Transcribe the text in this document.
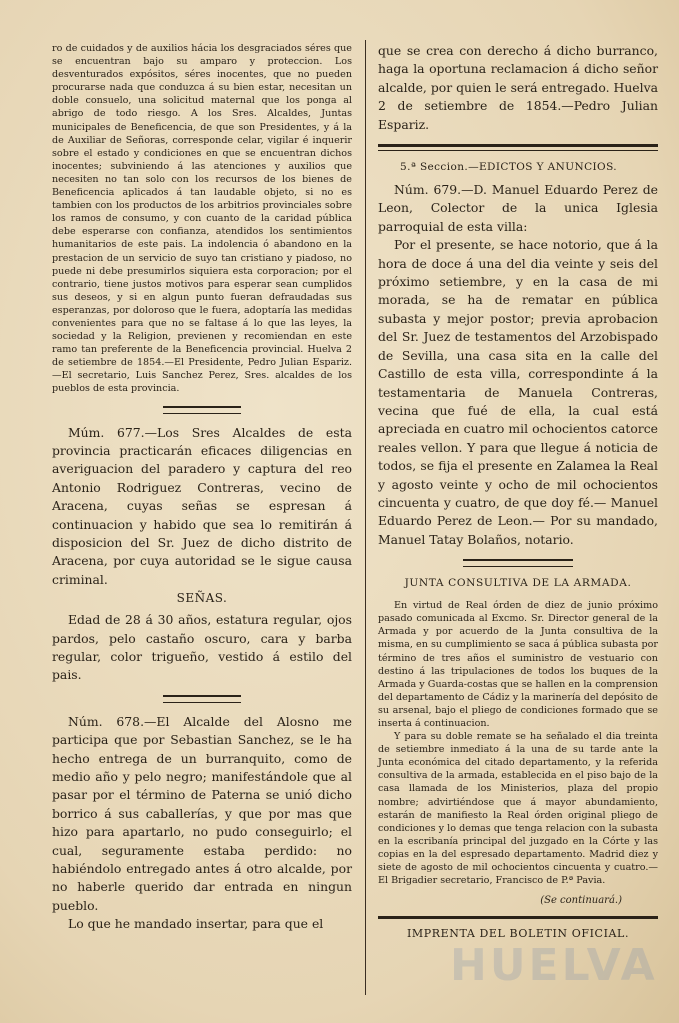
ro de cuidados y de auxilios hácia los desgraciados séres que se encuentran bajo su amparo y proteccion. Los desventurados expósitos, séres inocentes, que no pueden procurarse nada que conduzca á su bien estar, necesitan un doble consuelo, una solicitud maternal que los ponga al abrigo de todo riesgo. A los Sres. Alcaldes, Juntas municipales de Beneficencia, de que son Presidentes, y á la de Auxiliar de Señoras, corresponde celar, vigilar é inquerir sobre el estado y condiciones en que se encuentran dichos inocentes; subviniendo á las atenciones y auxilios que necesiten no tan solo con los recursos de los bienes de Beneficencia aplicados á tan laudable objeto, si no es tambien con los productos de los arbitrios provinciales sobre los ramos de consumo, y con cuanto de la caridad pública debe esperarse con confianza, atendidos los sentimientos humanitarios de este pais. La indolencia ó abandono en la prestacion de un servicio de suyo tan cristiano y piadoso, no puede ni debe presumirlos siquiera esta corporacion; por el contrario, tiene justos motivos para esperar sean cumplidos sus deseos, y si en algun punto fueran defraudadas sus esperanzas, por doloroso que le fuera, adoptaría las medidas convenientes para que no se faltase á lo que las leyes, la sociedad y la Religion, previenen y recomiendan en este ramo tan preferente de la Beneficencia provincial. Huelva 2 de setiembre de 1854.—El Presidente, Pedro Julian Espariz.—El secretario, Luis Sanchez Perez, Sres. alcaldes de los pueblos de esta provincia.

Múm. 677.—Los Sres Alcaldes de esta provincia practicarán eficaces diligencias en averiguacion del paradero y captura del reo Antonio Rodriguez Contreras, vecino de Aracena, cuyas señas se espresan á continuacion y habido que sea lo remitirán á disposicion del Sr. Juez de dicho distrito de Aracena, por cuya autoridad se le sigue causa criminal.

SEÑAS.

Edad de 28 á 30 años, estatura regular, ojos pardos, pelo castaño oscuro, cara y barba regular, color trigueño, vestido á estilo del pais.

Núm. 678.—El Alcalde del Alosno me participa que por Sebastian Sanchez, se le ha hecho entrega de un burranquito, como de medio año y pelo negro; manifestándole que al pasar por el término de Paterna se unió dicho borrico á sus caballerías, y que por mas que hizo para apartarlo, no pudo conseguirlo; el cual, seguramente estaba perdido: no habiéndolo entregado antes á otro alcalde, por no haberle querido dar entrada en ningun pueblo.

Lo que he mandado insertar, para que el

que se crea con derecho á dicho burranco, haga la oportuna reclamacion á dicho señor alcalde, por quien le será entregado. Huelva 2 de setiembre de 1854.—Pedro Julian Espariz.

5.ª Seccion.—EDICTOS Y ANUNCIOS.

Núm. 679.—D. Manuel Eduardo Perez de Leon, Colector de la unica Iglesia parroquial de esta villa:

Por el presente, se hace notorio, que á la hora de doce á una del dia veinte y seis del próximo setiembre, y en la casa de mi morada, se ha de rematar en pública subasta y mejor postor; previa aprobacion del Sr. Juez de testamentos del Arzobispado de Sevilla, una casa sita en la calle del Castillo de esta villa, correspondinte á la testamentaria de Manuela Contreras, vecina que fué de ella, la cual está apreciada en cuatro mil ochocientos catorce reales vellon. Y para que llegue á noticia de todos, se fija el presente en Zalamea la Real y agosto veinte y ocho de mil ochocientos cincuenta y cuatro, de que doy fé.— Manuel Eduardo Perez de Leon.— Por su mandado, Manuel Tatay Bolaños, notario.

JUNTA CONSULTIVA DE LA ARMADA.

En virtud de Real órden de diez de junio próximo pasado comunicada al Excmo. Sr. Director general de la Armada y por acuerdo de la Junta consultiva de la misma, en su cumplimiento se saca á pública subasta por término de tres años el suministro de vestuario con destino á las tripulaciones de todos los buques de la Armada y Guarda-costas que se hallen en la comprension del departamento de Cádiz y la marinería del depósito de su arsenal, bajo el pliego de condiciones formado que se inserta á continuacion.

Y para su doble remate se ha señalado el dia treinta de setiembre inmediato á la una de su tarde ante la Junta económica del citado departamento, y la referida consultiva de la armada, establecida en el piso bajo de la casa llamada de los Ministerios, plaza del propio nombre; advirtiéndose que á mayor abundamiento, estarán de manifiesto la Real órden original pliego de condiciones y lo demas que tenga relacion con la subasta en la escribanía principal del juzgado en la Córte y las copias en la del espresado departamento. Madrid diez y siete de agosto de mil ochocientos cincuenta y cuatro.—El Brigadier secretario, Francisco de P.ª Pavia.

(Se continuará.)
IMPRENTA DEL BOLETIN OFICIAL.
HUELVA
